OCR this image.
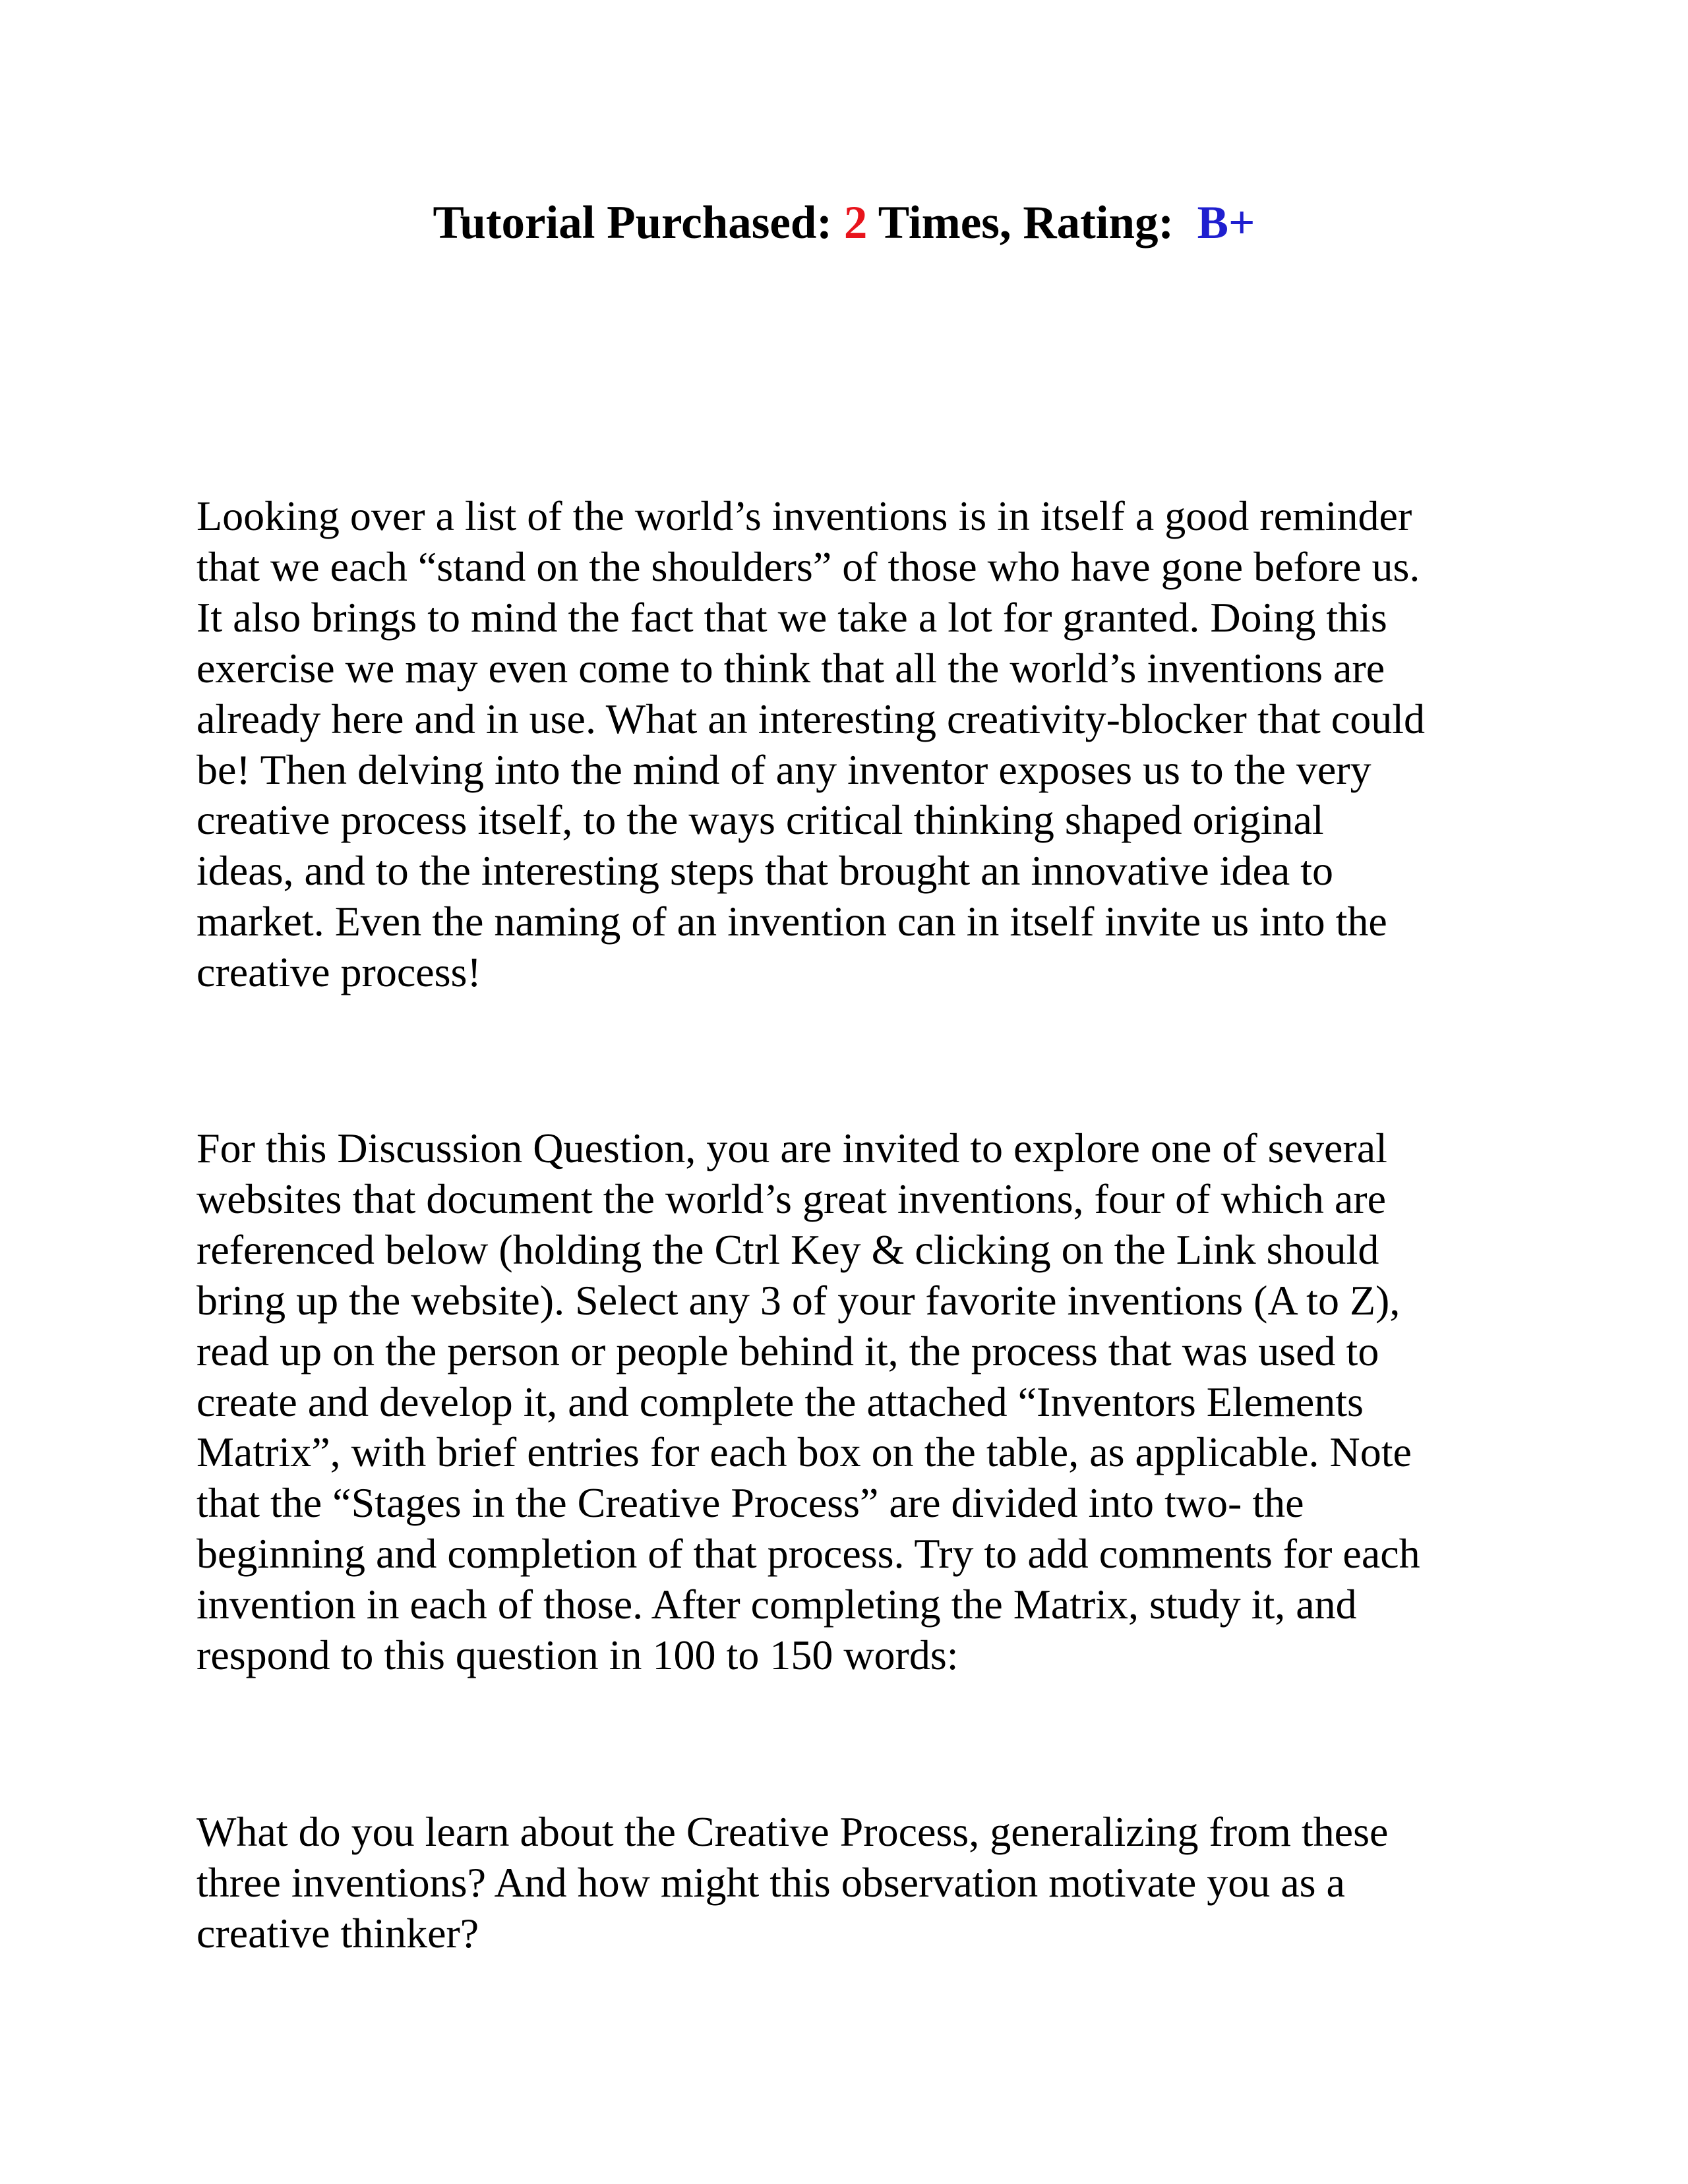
Tutorial Purchased: 2 Times, Rating: B+

Looking over a list of the world’s inventions is in itself a good reminder
that we each “stand on the shoulders” of those who have gone before us.
It also brings to mind the fact that we take a lot for granted. Doing this
exercise we may even come to think that all the world’s inventions are
already here and in use. What an interesting creativity-blocker that could
be! Then delving into the mind of any inventor exposes us to the very
creative process itself, to the ways critical thinking shaped original
ideas, and to the interesting steps that brought an innovative idea to
market. Even the naming of an invention can in itself invite us into the
creative process!

For this Discussion Question, you are invited to explore one of several
websites that document the world’s great inventions, four of which are
referenced below (holding the Ctrl Key & clicking on the Link should
bring up the website). Select any 3 of your favorite inventions (A to Z),
read up on the person or people behind it, the process that was used to
create and develop it, and complete the attached “Inventors Elements
Matrix”, with brief entries for each box on the table, as applicable. Note
that the “Stages in the Creative Process” are divided into two- the
beginning and completion of that process. Try to add comments for each
invention in each of those. After completing the Matrix, study it, and
respond to this question in 100 to 150 words:

What do you learn about the Creative Process, generalizing from these
three inventions? And how might this observation motivate you as a
creative thinker?
